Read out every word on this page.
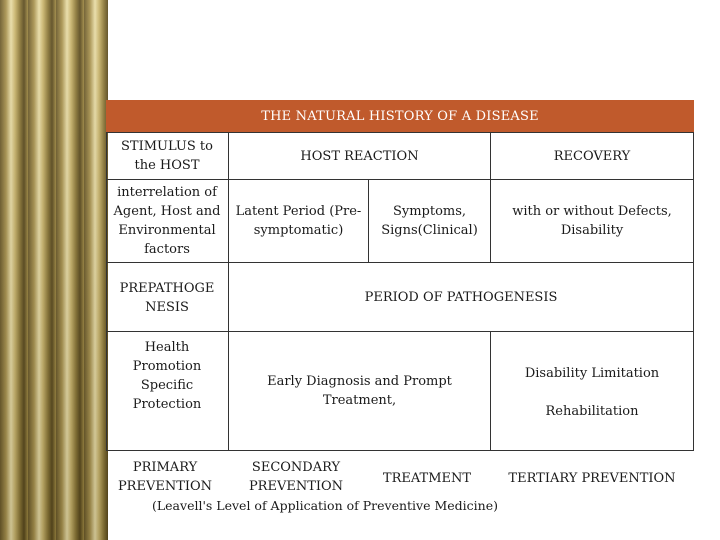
THE NATURAL HISTORY OF A DISEASE
STIMULUS to the HOST
HOST REACTION	RECOVERY
interrelation of Agent, Host and Environmental factors
Latent Period (Pre-symptomatic)
Symptoms, Signs(Clinical)
with or without Defects, Disability
PREPATHOGE NESIS
PERIOD OF PATHOGENESIS
Health Promotion Specific Protection
Early Diagnosis and Prompt Treatment,
Disability Limitation
Rehabilitation
PRIMARY PREVENTION
SECONDARY PREVENTION
TREATMENT	TERTIARY PREVENTION
(Leavell's Level of Application of Preventive Medicine)
